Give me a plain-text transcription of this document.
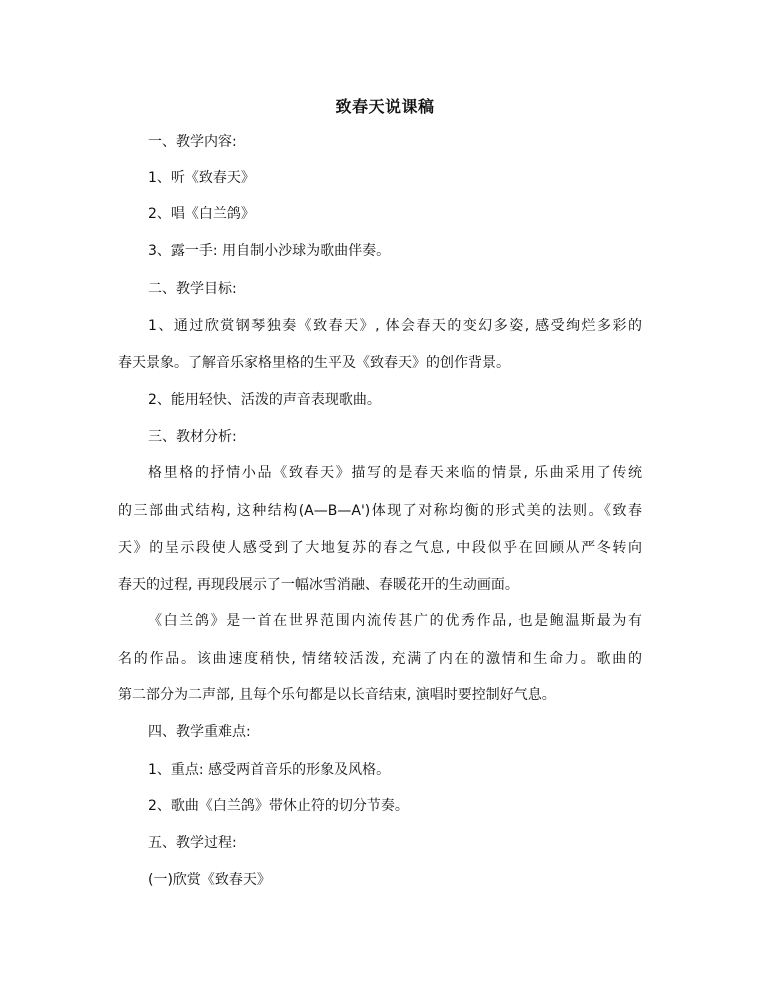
致春天说课稿
一、教学内容:
1、听《致春天》
2、唱《白兰鸽》
3、露一手: 用自制小沙球为歌曲伴奏。
二、教学目标:
1、通过欣赏钢琴独奏《致春天》, 体会春天的变幻多姿, 感受绚烂多彩的
春天景象。了解音乐家格里格的生平及《致春天》的创作背景。
2、能用轻快、活泼的声音表现歌曲。
三、教材分析:
格里格的抒情小品《致春天》描写的是春天来临的情景, 乐曲采用了传统
的三部曲式结构, 这种结构(A—B—A')体现了对称均衡的形式美的法则。《致春
天》的呈示段使人感受到了大地复苏的春之气息, 中段似乎在回顾从严冬转向
春天的过程, 再现段展示了一幅冰雪消融、春暖花开的生动画面。
《白兰鸽》是一首在世界范围内流传甚广的优秀作品, 也是鲍温斯最为有
名的作品。该曲速度稍快, 情绪较活泼, 充满了内在的激情和生命力。歌曲的
第二部分为二声部, 且每个乐句都是以长音结束, 演唱时要控制好气息。
四、教学重难点:
1、重点: 感受两首音乐的形象及风格。
2、歌曲《白兰鸽》带休止符的切分节奏。
五、教学过程:
(一)欣赏《致春天》
